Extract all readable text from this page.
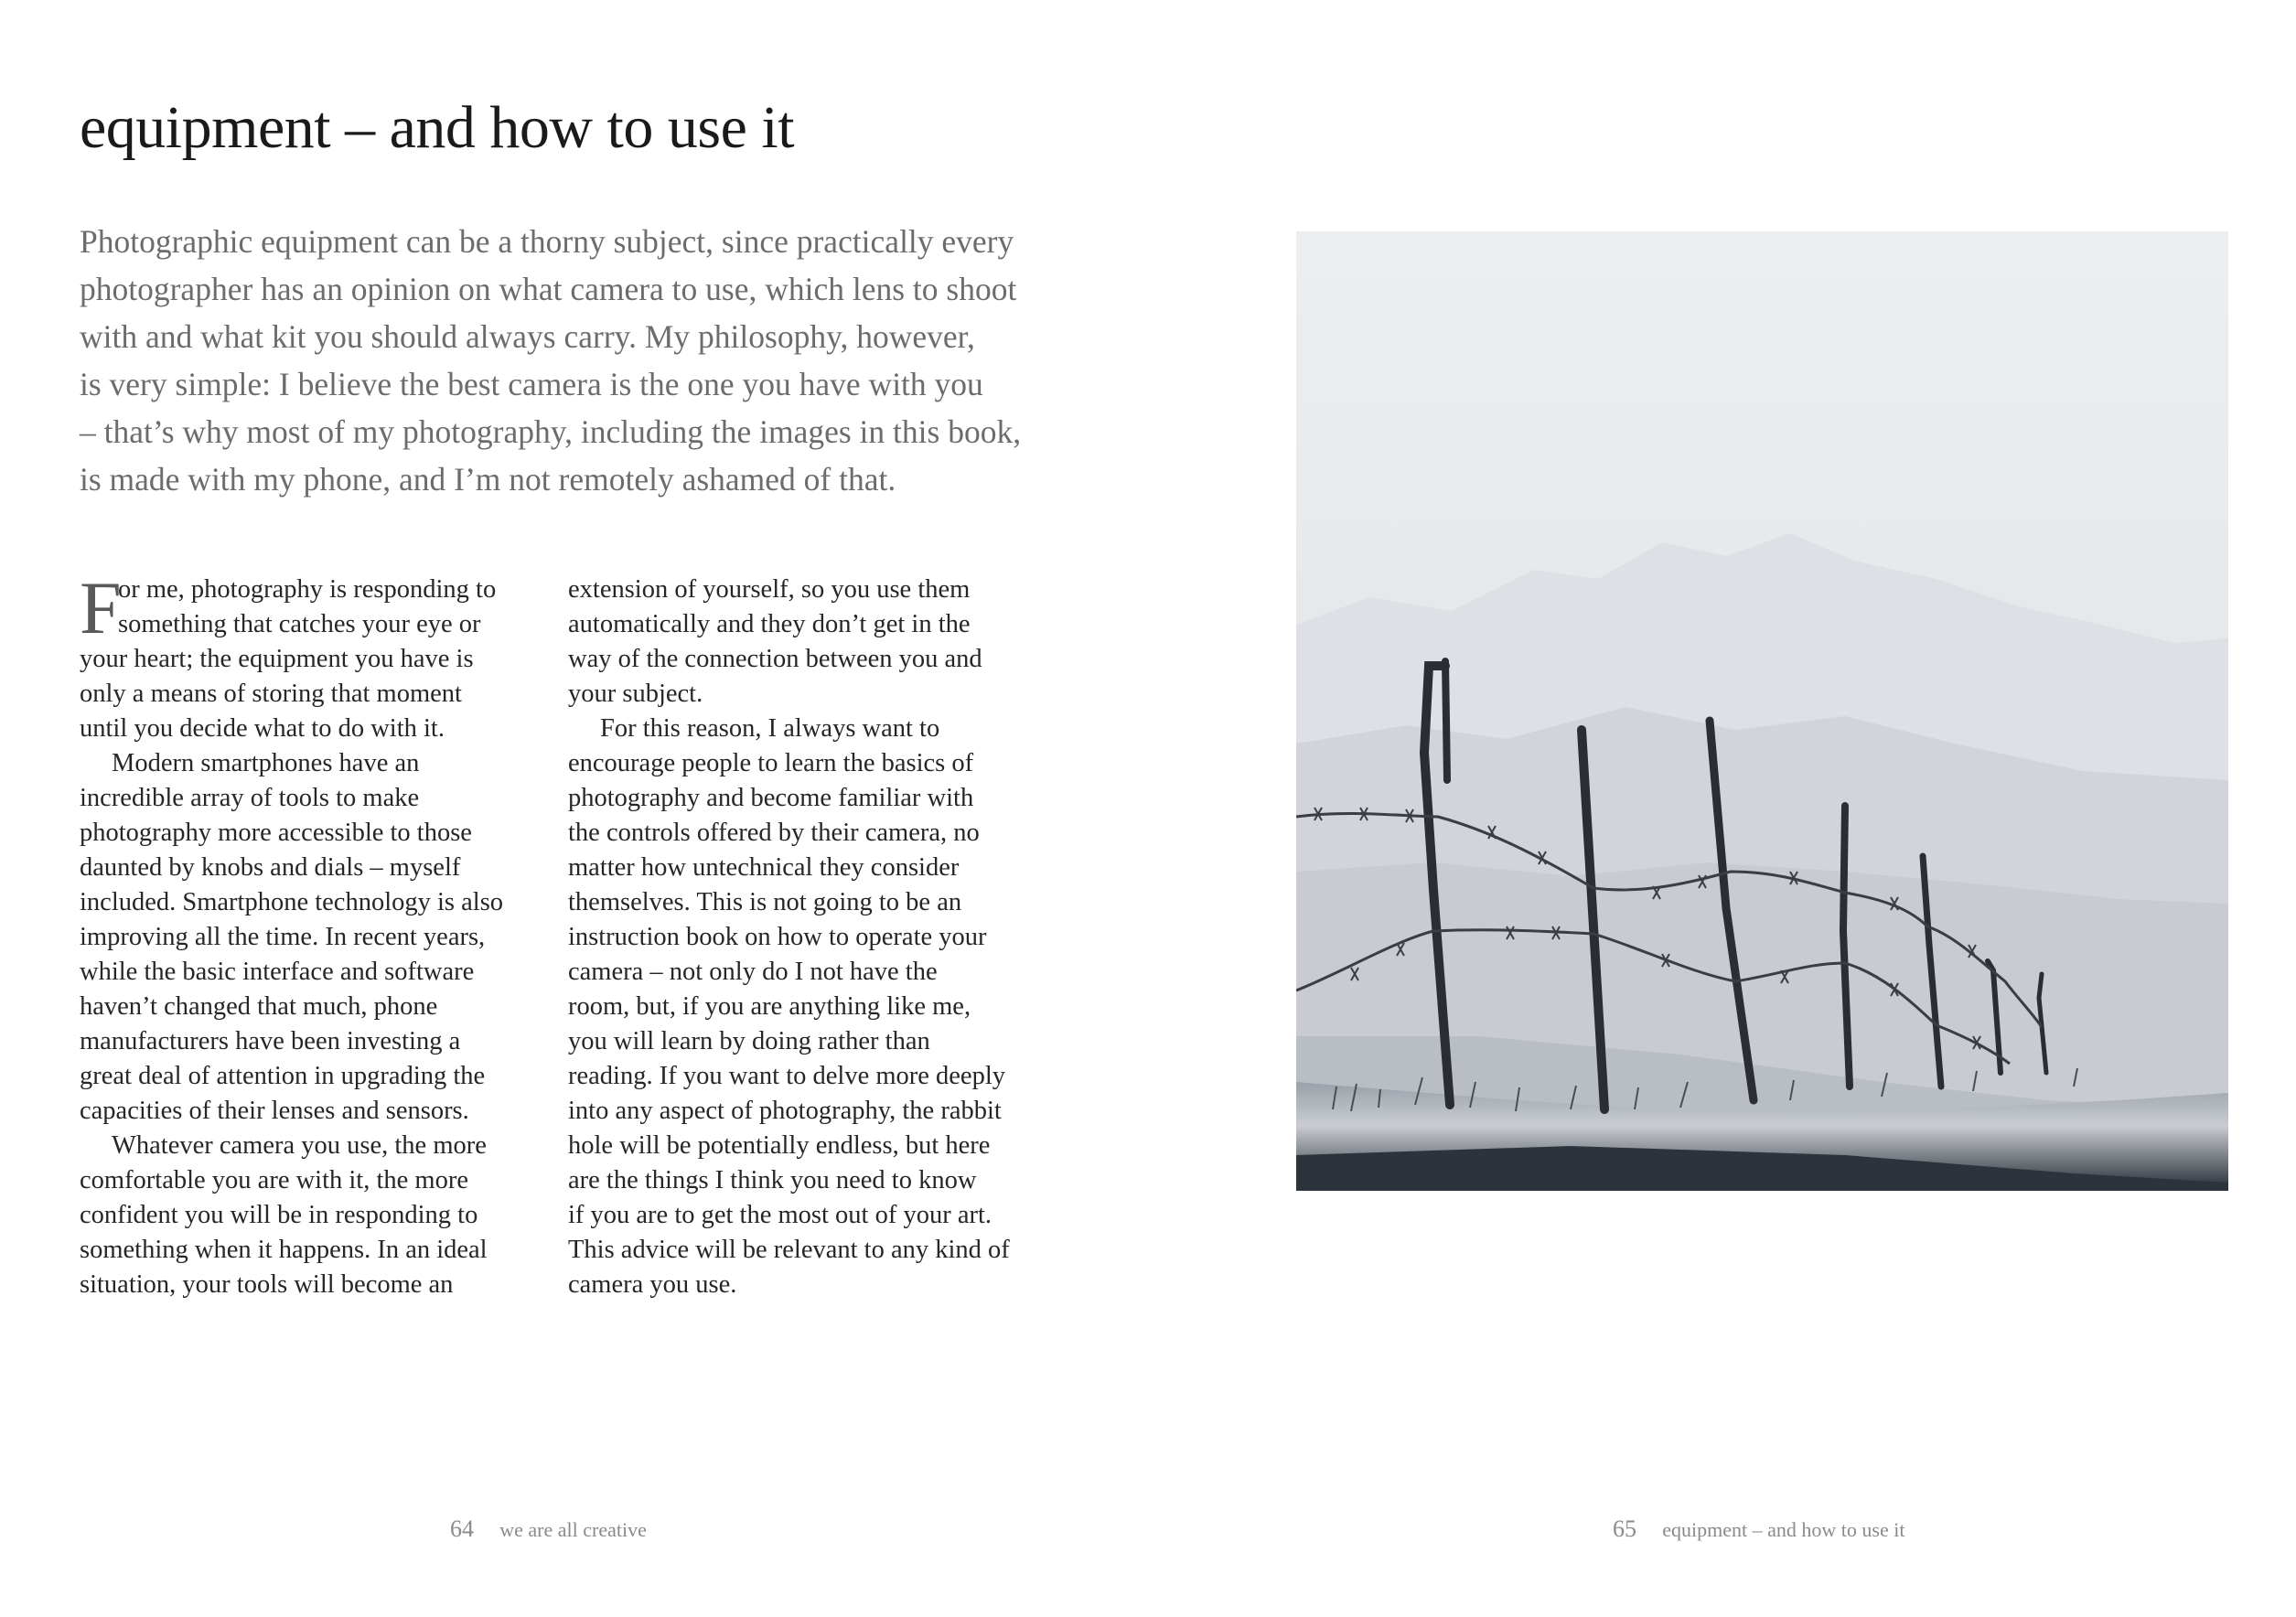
equipment – and how to use it

Photographic equipment can be a thorny subject, since practically every
photographer has an opinion on what camera to use, which lens to shoot
with and what kit you should always carry. My philosophy, however,
is very simple: I believe the best camera is the one you have with you
– that’s why most of my photography, including the images in this book,
is made with my phone, and I’m not remotely ashamed of that.

F
or me, photography is responding to
something that catches your eye or
your heart; the equipment you have is
only a means of storing that moment
until you decide what to do with it.
Modern smartphones have an
incredible array of tools to make
photography more accessible to those
daunted by knobs and dials – myself
included. Smartphone technology is also
improving all the time. In recent years,
while the basic interface and software
haven’t changed that much, phone
manufacturers have been investing a
great deal of attention in upgrading the
capacities of their lenses and sensors.
Whatever camera you use, the more
comfortable you are with it, the more
confident you will be in responding to
something when it happens. In an ideal
situation, your tools will become an
extension of yourself, so you use them
automatically and they don’t get in the
way of the connection between you and
your subject.
For this reason, I always want to
encourage people to learn the basics of
photography and become familiar with
the controls offered by their camera, no
matter how untechnical they consider
themselves. This is not going to be an
instruction book on how to operate your
camera – not only do I not have the
room, but, if you are anything like me,
you will learn by doing rather than
reading. If you want to delve more deeply
into any aspect of photography, the rabbit
hole will be potentially endless, but here
are the things I think you need to know
if you are to get the most out of your art.
This advice will be relevant to any kind of
camera you use.
64 we are all creative	65 equipment – and how to use it
